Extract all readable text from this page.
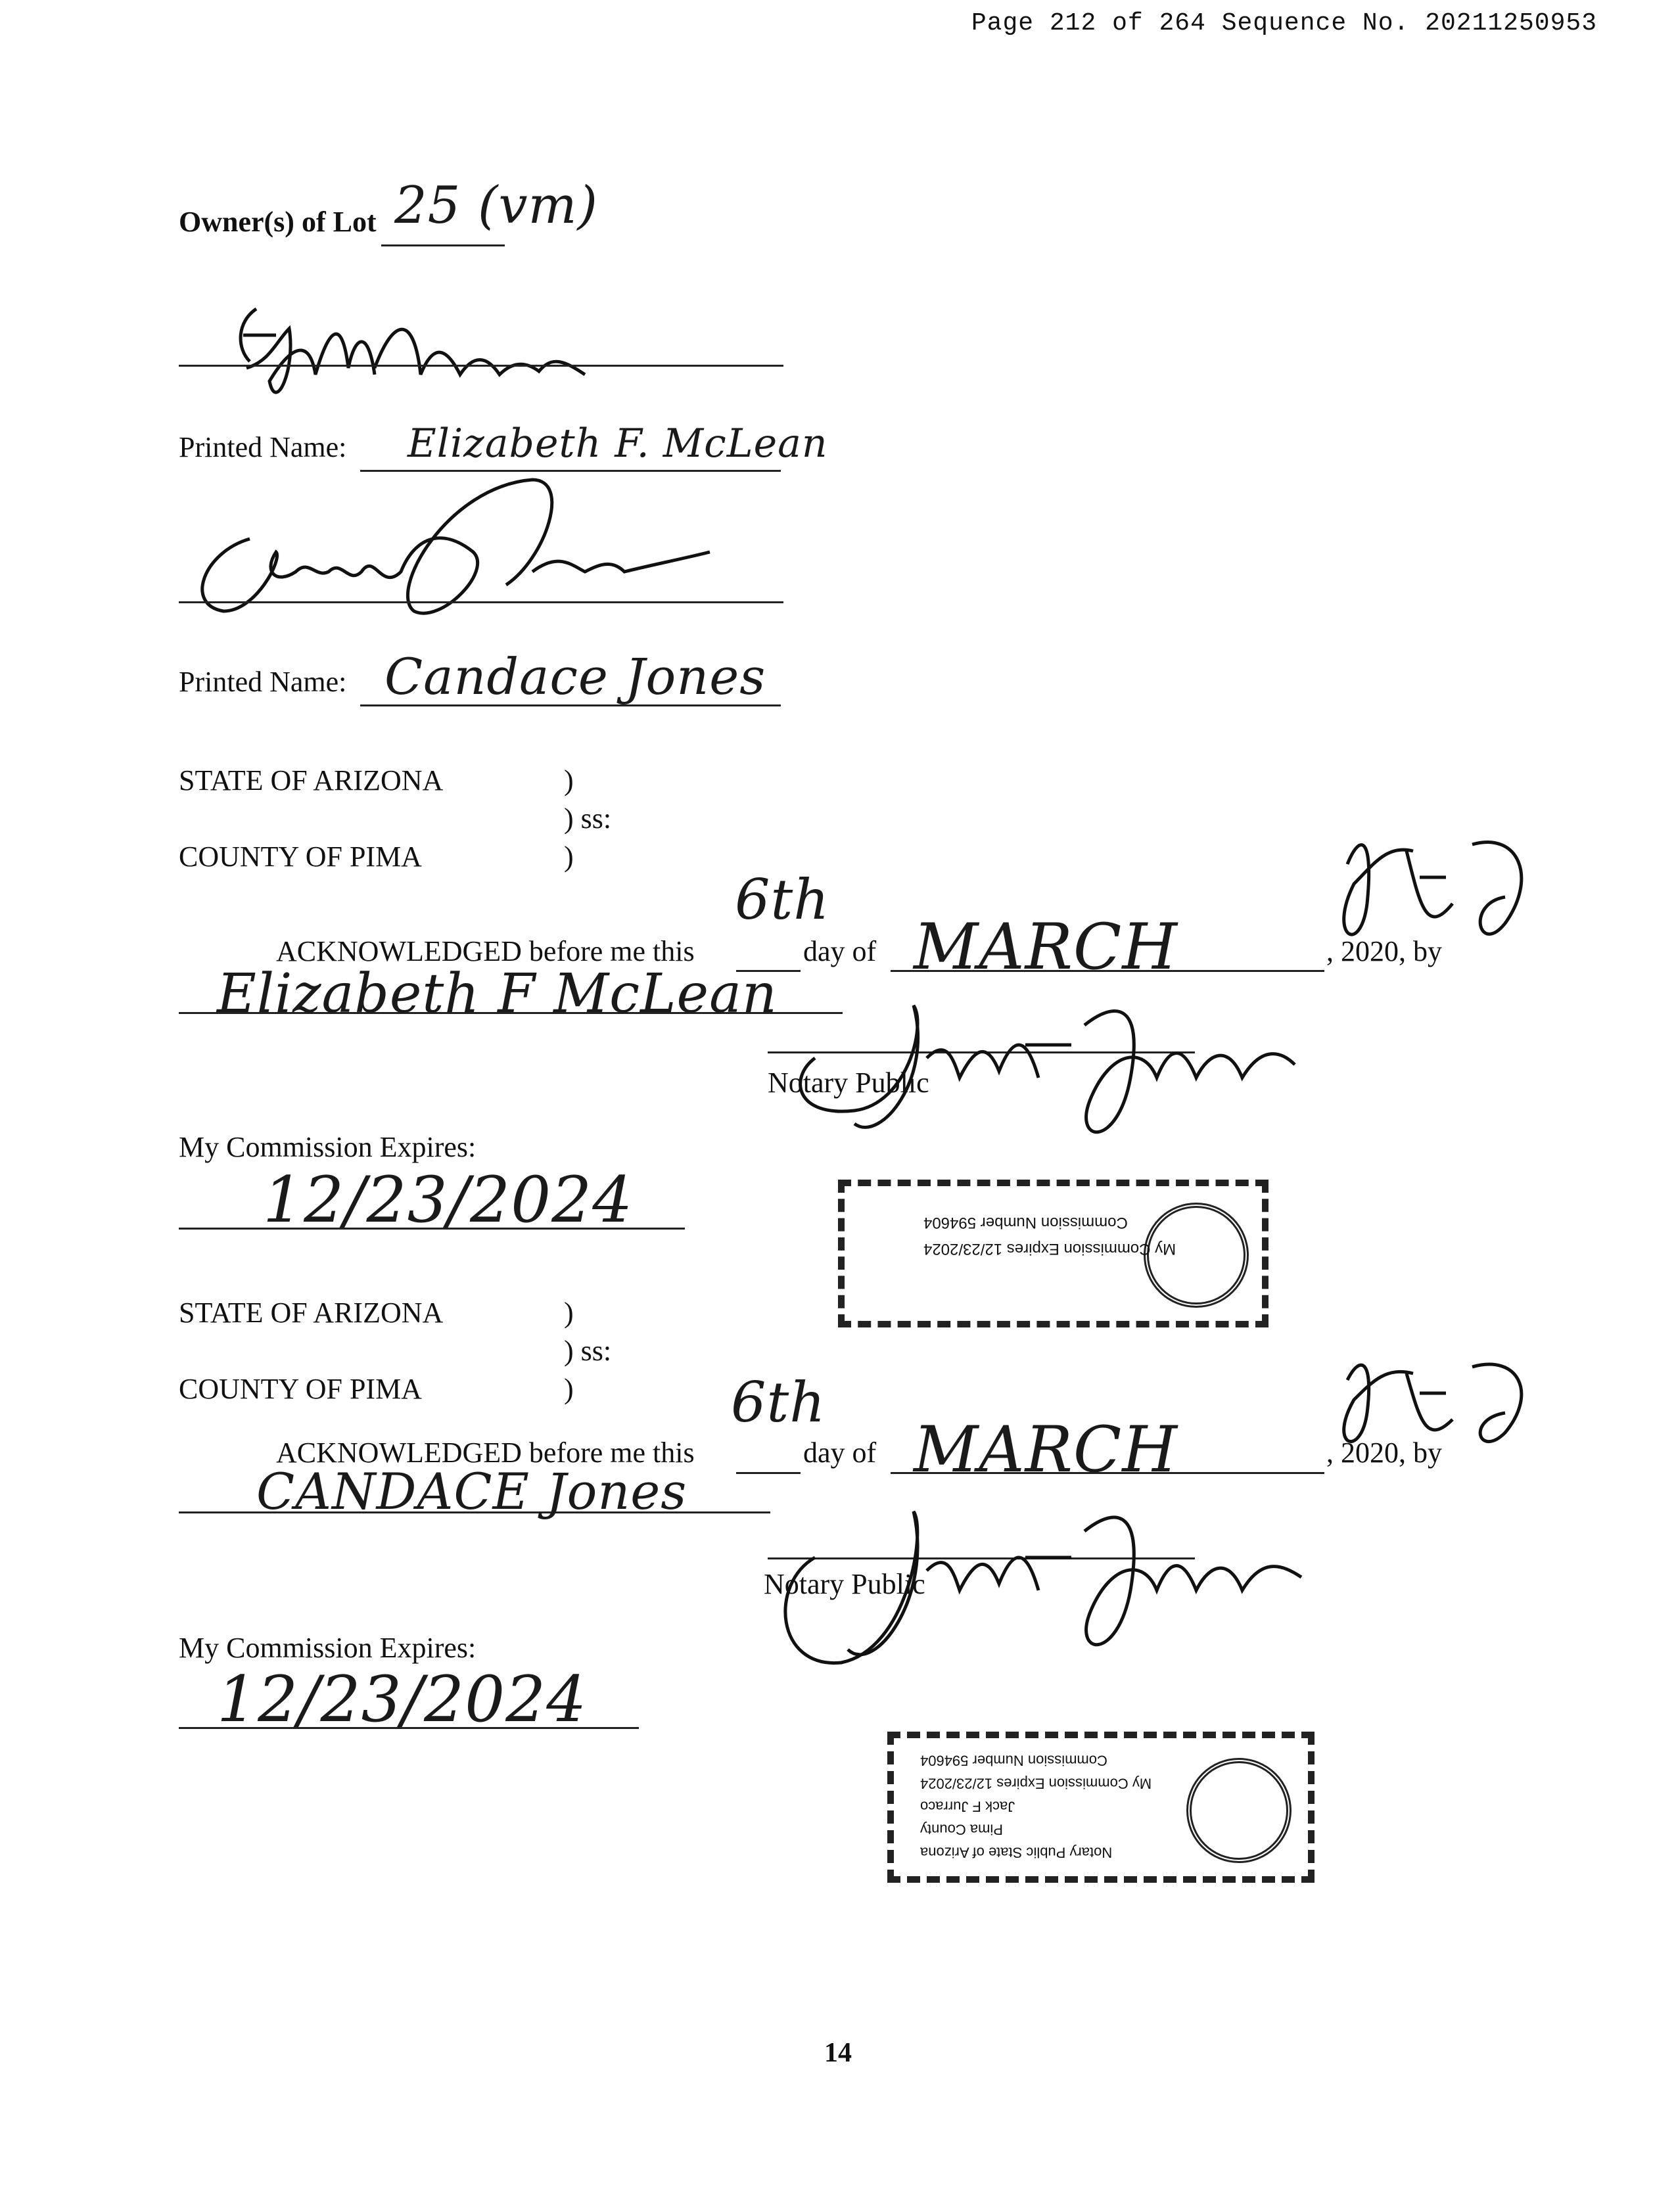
Page 212 of 264 Sequence No. 20211250953
Owner(s) of Lot 25 (vm)
Printed Name: Elizabeth F. McLean
Printed Name: Candace Jones
STATE OF ARIZONA	)
) ss:
COUNTY OF PIMA	)
ACKNOWLEDGED before me this
6th
day of MARCH	, 2020, by
Elizabeth F McLean
Notary Public
My Commission Expires:
12/23/2024	Commission Number 594604
My Commission Expires 12/23/2024
STATE OF ARIZONA	)
) ss:
COUNTY OF PIMA	)
ACKNOWLEDGED before me this
6th
day of MARCH	, 2020, by
CANDACE Jones
Notary Public
My Commission Expires:
12/23/2024
Commission Number 594604
My Commission Expires 12/23/2024
Jack F Jurraco
Pima County
Notary Public State of Arizona
14
